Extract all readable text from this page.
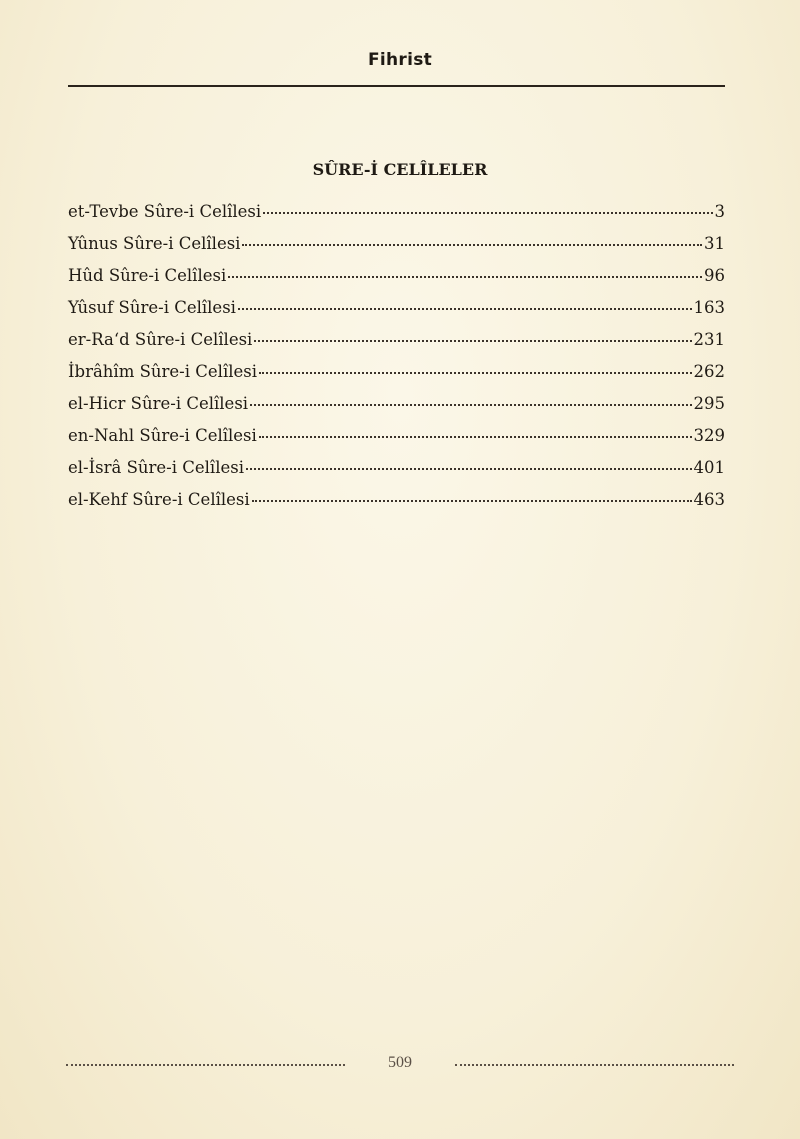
Fihrist
SÛRE-İ CELÎLELER
et-Tevbe Sûre-i Celîlesi	3
Yûnus Sûre-i Celîlesi	31
Hûd Sûre-i Celîlesi	96
Yûsuf Sûre-i Celîlesi	163
er-Ra‘d Sûre-i Celîlesi	231
İbrâhîm Sûre-i Celîlesi	262
el-Hicr Sûre-i Celîlesi	295
en-Nahl Sûre-i Celîlesi	329
el-İsrâ Sûre-i Celîlesi	401
el-Kehf Sûre-i Celîlesi	463
509
